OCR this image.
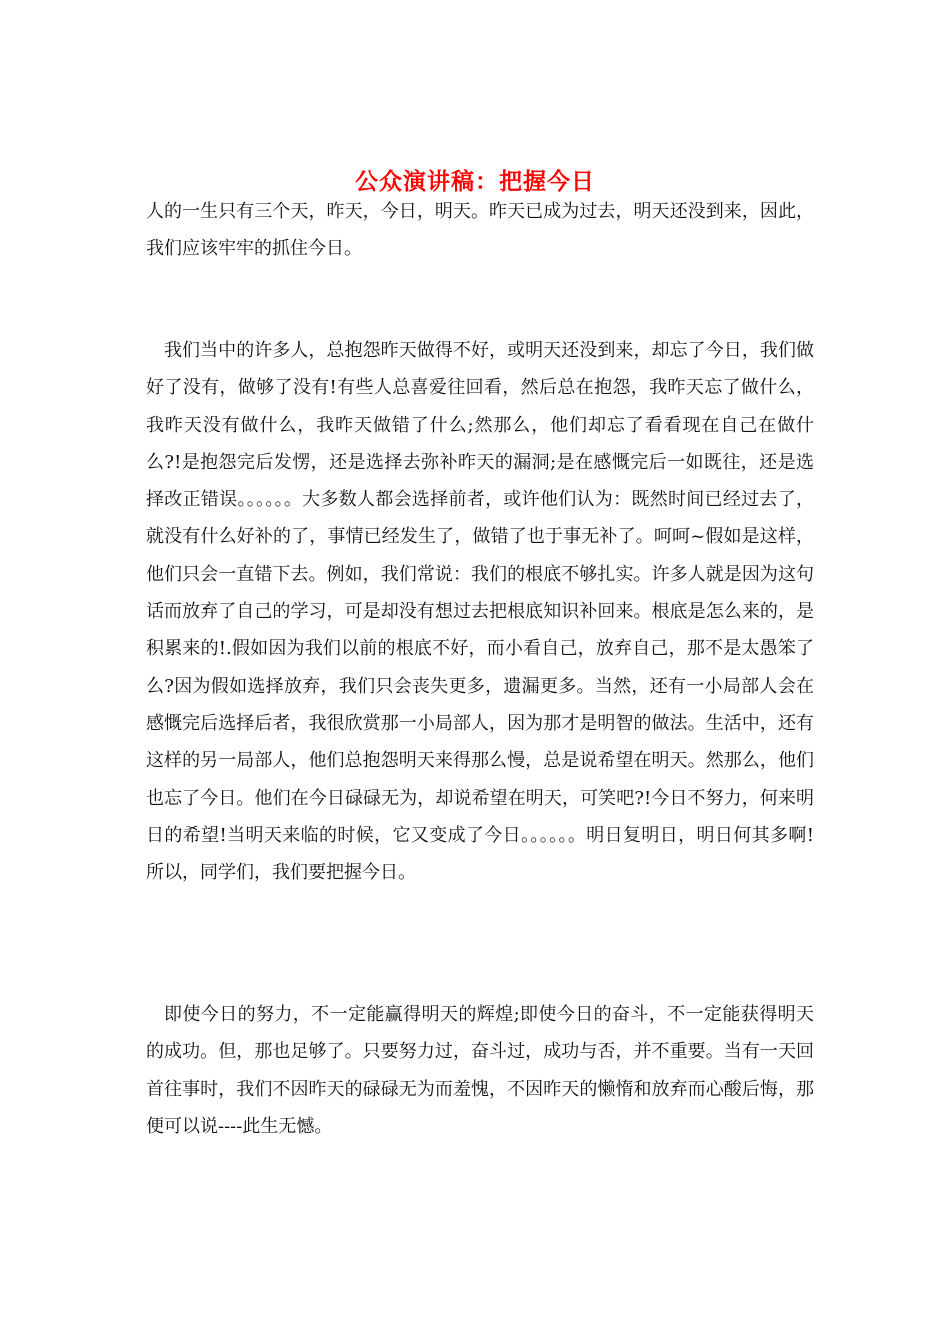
公众演讲稿：把握今日

人的一生只有三个天，昨天，今日，明天。昨天已成为过去，明天还没到来，因此，我们应该牢牢的抓住今日。

我们当中的许多人，总抱怨昨天做得不好，或明天还没到来，却忘了今日，我们做好了没有，做够了没有!有些人总喜爱往回看，然后总在抱怨，我昨天忘了做什么，我昨天没有做什么，我昨天做错了什么;然那么，他们却忘了看看现在自己在做什么?!是抱怨完后发愣，还是选择去弥补昨天的漏洞;是在感慨完后一如既往，还是选择改正错误。。。。。。大多数人都会选择前者，或许他们认为：既然时间已经过去了，就没有什么好补的了，事情已经发生了，做错了也于事无补了。呵呵~假如是这样，他们只会一直错下去。例如，我们常说：我们的根底不够扎实。许多人就是因为这句话而放弃了自己的学习，可是却没有想过去把根底知识补回来。根底是怎么来的，是积累来的!.假如因为我们以前的根底不好，而小看自己，放弃自己，那不是太愚笨了么?因为假如选择放弃，我们只会丧失更多，遗漏更多。当然，还有一小局部人会在感慨完后选择后者，我很欣赏那一小局部人，因为那才是明智的做法。生活中，还有这样的另一局部人，他们总抱怨明天来得那么慢，总是说希望在明天。然那么，他们也忘了今日。他们在今日碌碌无为，却说希望在明天，可笑吧?!今日不努力，何来明日的希望!当明天来临的时候，它又变成了今日。。。。。。明日复明日，明日何其多啊!所以，同学们，我们要把握今日。

即使今日的努力，不一定能赢得明天的辉煌;即使今日的奋斗，不一定能获得明天的成功。但，那也足够了。只要努力过，奋斗过，成功与否，并不重要。当有一天回首往事时，我们不因昨天的碌碌无为而羞愧，不因昨天的懒惰和放弃而心酸后悔，那便可以说----此生无憾。
